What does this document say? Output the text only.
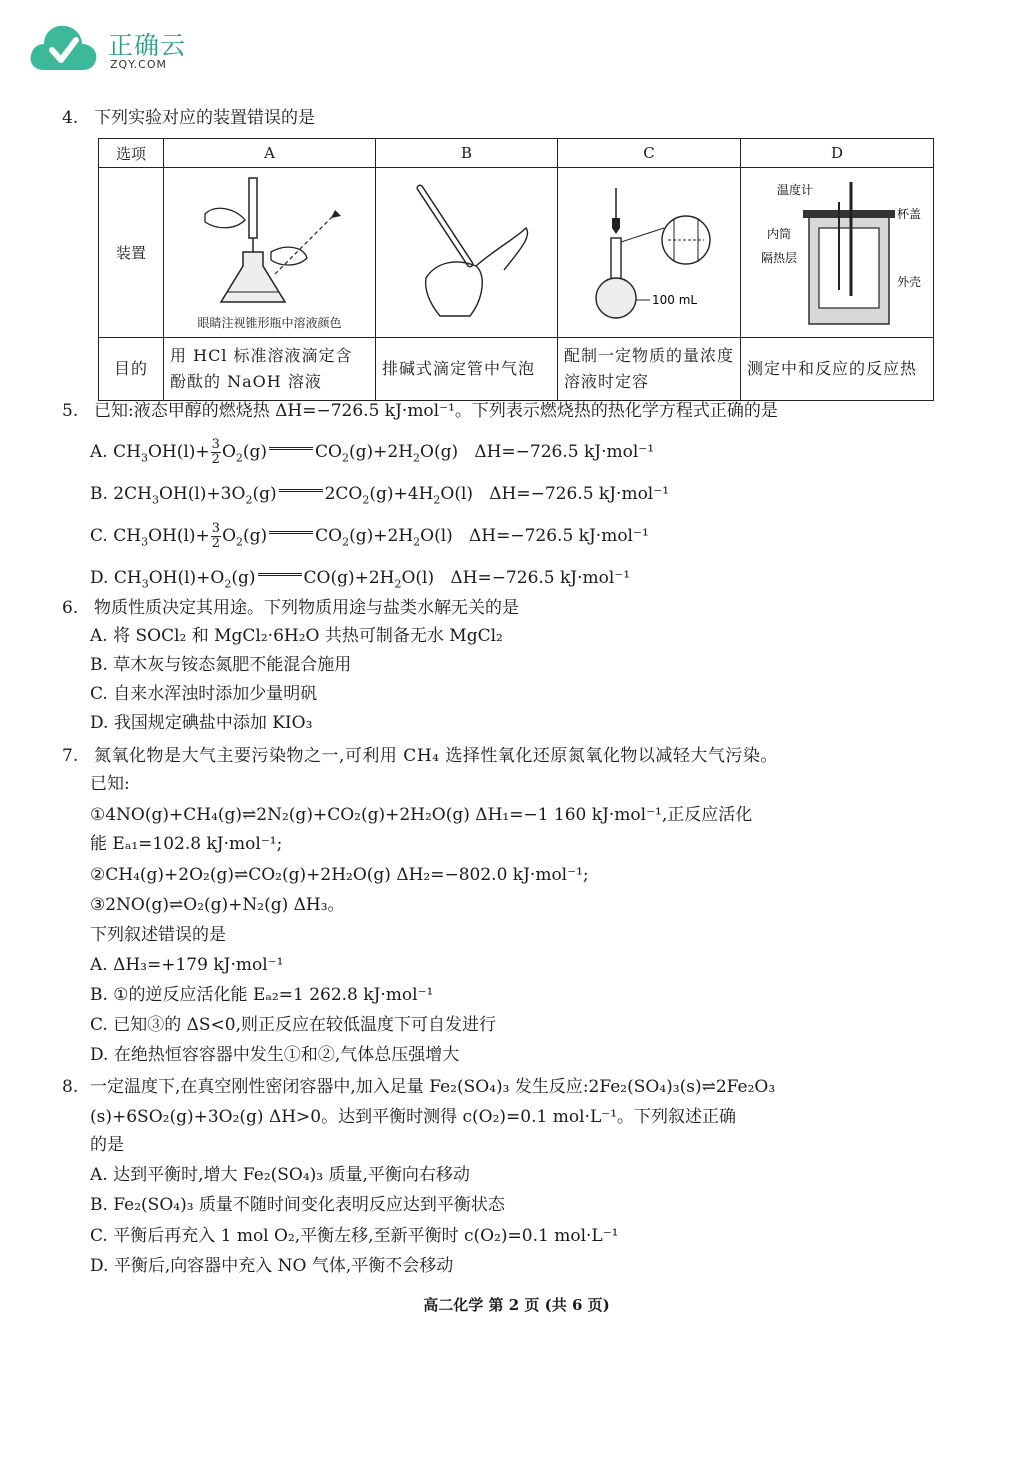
正确云
ZQY.COM
4. 下列实验对应的装置错误的是
选项	A	B	C	D
装置	眼睛注视锥形瓶中溶液颜色		100 mL	温度计
杯盖
内筒
隔热层
外壳

目的	用 HCl 标准溶液滴定含酚酞的 NaOH 溶液	排碱式滴定管中气泡	配制一定物质的量浓度溶液时定容	测定中和反应的反应热
5. 已知:液态甲醇的燃烧热 ΔH=−726.5 kJ·mol⁻¹。下列表示燃烧热的热化学方程式正确的是
A. $CH_3OH(l)+ \frac{3}{2} O_2(g)$	$CO_2(g)+2H_2O(g)$   ΔH=−726.5 kJ·mol⁻¹
B. $2CH_3OH(l)+3O_2(g)$	$2CO_2(g)+4H_2O(l)$   ΔH=−726.5 kJ·mol⁻¹
C. $CH_3OH(l)+ \frac{3}{2} O_2(g)$	$CO_2(g)+2H_2O(l)$   ΔH=−726.5 kJ·mol⁻¹
D. $CH_3OH(l)+O_2(g)$	$CO(g)+2H_2O(l)$   ΔH=−726.5 kJ·mol⁻¹
6. 物质性质决定其用途。下列物质用途与盐类水解无关的是
A. 将 SOCl₂ 和 MgCl₂·6H₂O 共热可制备无水 MgCl₂
B. 草木灰与铵态氮肥不能混合施用
C. 自来水浑浊时添加少量明矾
D. 我国规定碘盐中添加 KIO₃
7. 氮氧化物是大气主要污染物之一,可利用 CH₄ 选择性氧化还原氮氧化物以减轻大气污染。
已知:
①4NO(g)+CH₄(g)⇌2N₂(g)+CO₂(g)+2H₂O(g) ΔH₁=−1 160 kJ·mol⁻¹,正反应活化
能 Eₐ₁=102.8 kJ·mol⁻¹;
②CH₄(g)+2O₂(g)⇌CO₂(g)+2H₂O(g) ΔH₂=−802.0 kJ·mol⁻¹;
③2NO(g)⇌O₂(g)+N₂(g) ΔH₃。
下列叙述错误的是
A. ΔH₃=+179 kJ·mol⁻¹
B. ①的逆反应活化能 Eₐ₂=1 262.8 kJ·mol⁻¹
C. 已知③的 ΔS<0,则正反应在较低温度下可自发进行
D. 在绝热恒容容器中发生①和②,气体总压强增大
8. 一定温度下,在真空刚性密闭容器中,加入足量 Fe₂(SO₄)₃ 发生反应:2Fe₂(SO₄)₃(s)⇌2Fe₂O₃
(s)+6SO₂(g)+3O₂(g) ΔH>0。达到平衡时测得 c(O₂)=0.1 mol·L⁻¹。下列叙述正确
的是
A. 达到平衡时,增大 Fe₂(SO₄)₃ 质量,平衡向右移动
B. Fe₂(SO₄)₃ 质量不随时间变化表明反应达到平衡状态
C. 平衡后再充入 1 mol O₂,平衡左移,至新平衡时 c(O₂)=0.1 mol·L⁻¹
D. 平衡后,向容器中充入 NO 气体,平衡不会移动
高二化学 第 2 页 (共 6 页)
